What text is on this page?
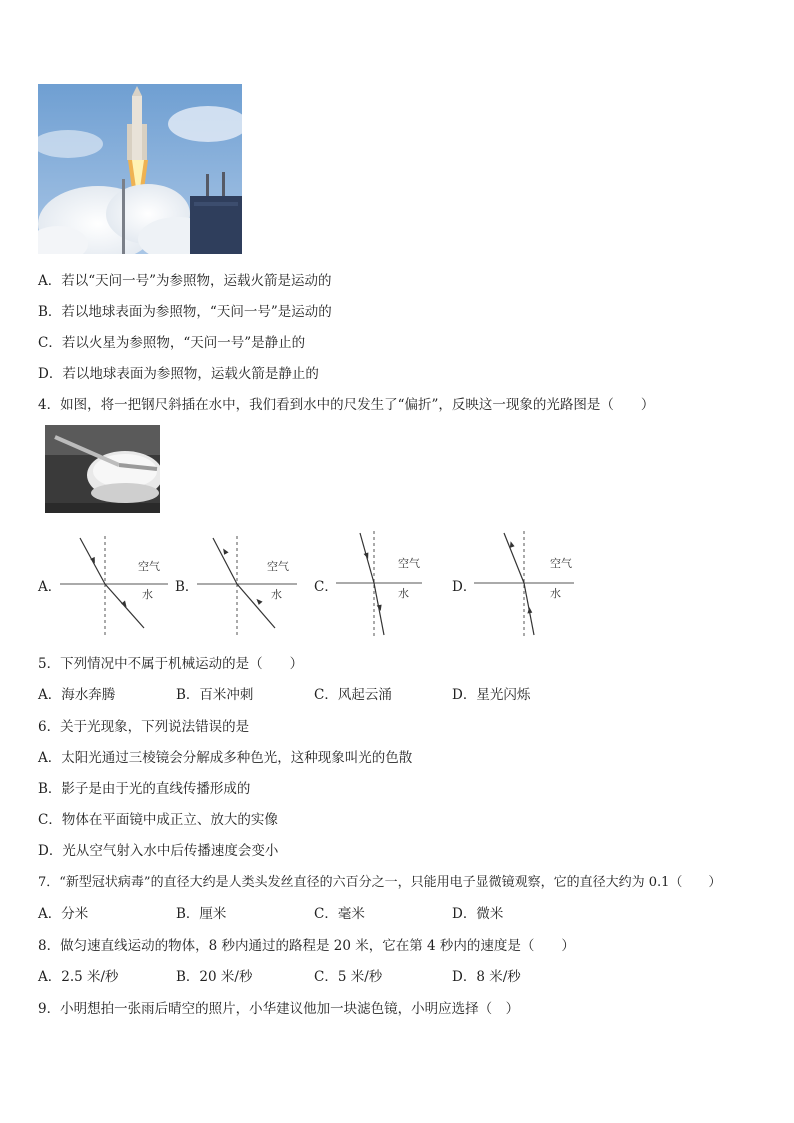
A．若以“天问一号”为参照物，运载火箭是运动的
B．若以地球表面为参照物，“天问一号”是运动的
C．若以火星为参照物，“天问一号”是静止的
D．若以地球表面为参照物，运载火箭是静止的
4．如图，将一把钢尺斜插在水中，我们看到水中的尺发生了“偏折”，反映这一现象的光路图是（　　）
A．
空气
水 B．
空气
水 C．
空气
水	D．
空气
水
5．下列情况中不属于机械运动的是（　　）
A．海水奔腾	B．百米冲刺	C．风起云涌	D．星光闪烁
6．关于光现象，下列说法错误的是
A．太阳光通过三棱镜会分解成多种色光，这种现象叫光的色散
B．影子是由于光的直线传播形成的
C．物体在平面镜中成正立、放大的实像
D．光从空气射入水中后传播速度会变小
7．“新型冠状病毒”的直径大约是人类头发丝直径的六百分之一，只能用电子显微镜观察，它的直径大约为 0.1（　　）
A．分米	B．厘米	C．毫米	D．微米
8．做匀速直线运动的物体，8 秒内通过的路程是 20 米，它在第 4 秒内的速度是（　　）
A．2.5 米/秒	B．20 米/秒	C．5 米/秒	D．8 米/秒
9．小明想拍一张雨后晴空的照片，小华建议他加一块滤色镜，小明应选择（　）
